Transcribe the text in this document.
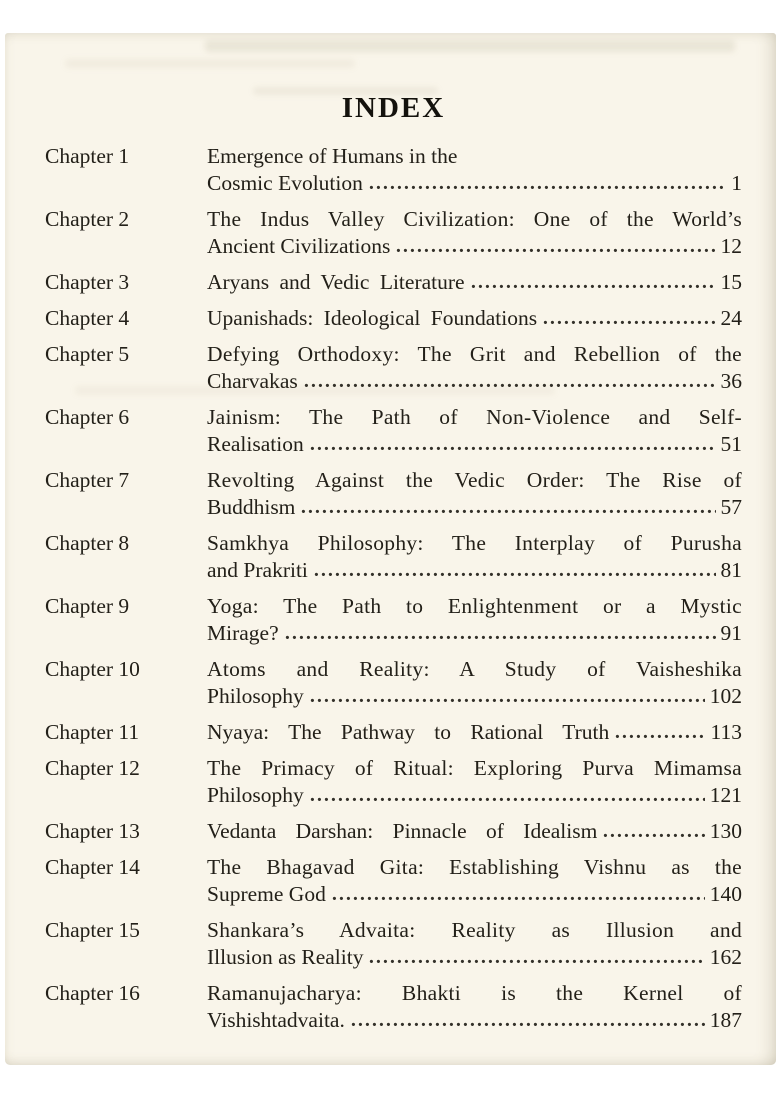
INDEX
Chapter 1	Emergence of Humans in the
Cosmic Evolution	1
Chapter 2	The Indus Valley Civilization: One of the World’s
Ancient Civilizations	12
Chapter 3	Aryans and Vedic Literature	15
Chapter 4	Upanishads: Ideological Foundations	24
Chapter 5	Defying Orthodoxy: The Grit and Rebellion of the
Charvakas	36
Chapter 6	Jainism: The Path of Non-Violence and Self-
Realisation	51
Chapter 7	Revolting Against the Vedic Order: The Rise of
Buddhism	57
Chapter 8	Samkhya Philosophy: The Interplay of Purusha
and Prakriti	81
Chapter 9	Yoga: The Path to Enlightenment or a Mystic
Mirage?	91
Chapter 10	Atoms and Reality: A Study of Vaisheshika
Philosophy	102
Chapter 11	Nyaya: The Pathway to Rational Truth	113
Chapter 12	The Primacy of Ritual: Exploring Purva Mimamsa
Philosophy	121
Chapter 13	Vedanta Darshan: Pinnacle of Idealism	130
Chapter 14	The Bhagavad Gita: Establishing Vishnu as the
Supreme God	140
Chapter 15	Shankara’s Advaita: Reality as Illusion and
Illusion as Reality	162
Chapter 16	Ramanujacharya: Bhakti is the Kernel of
Vishishtadvaita.	187
